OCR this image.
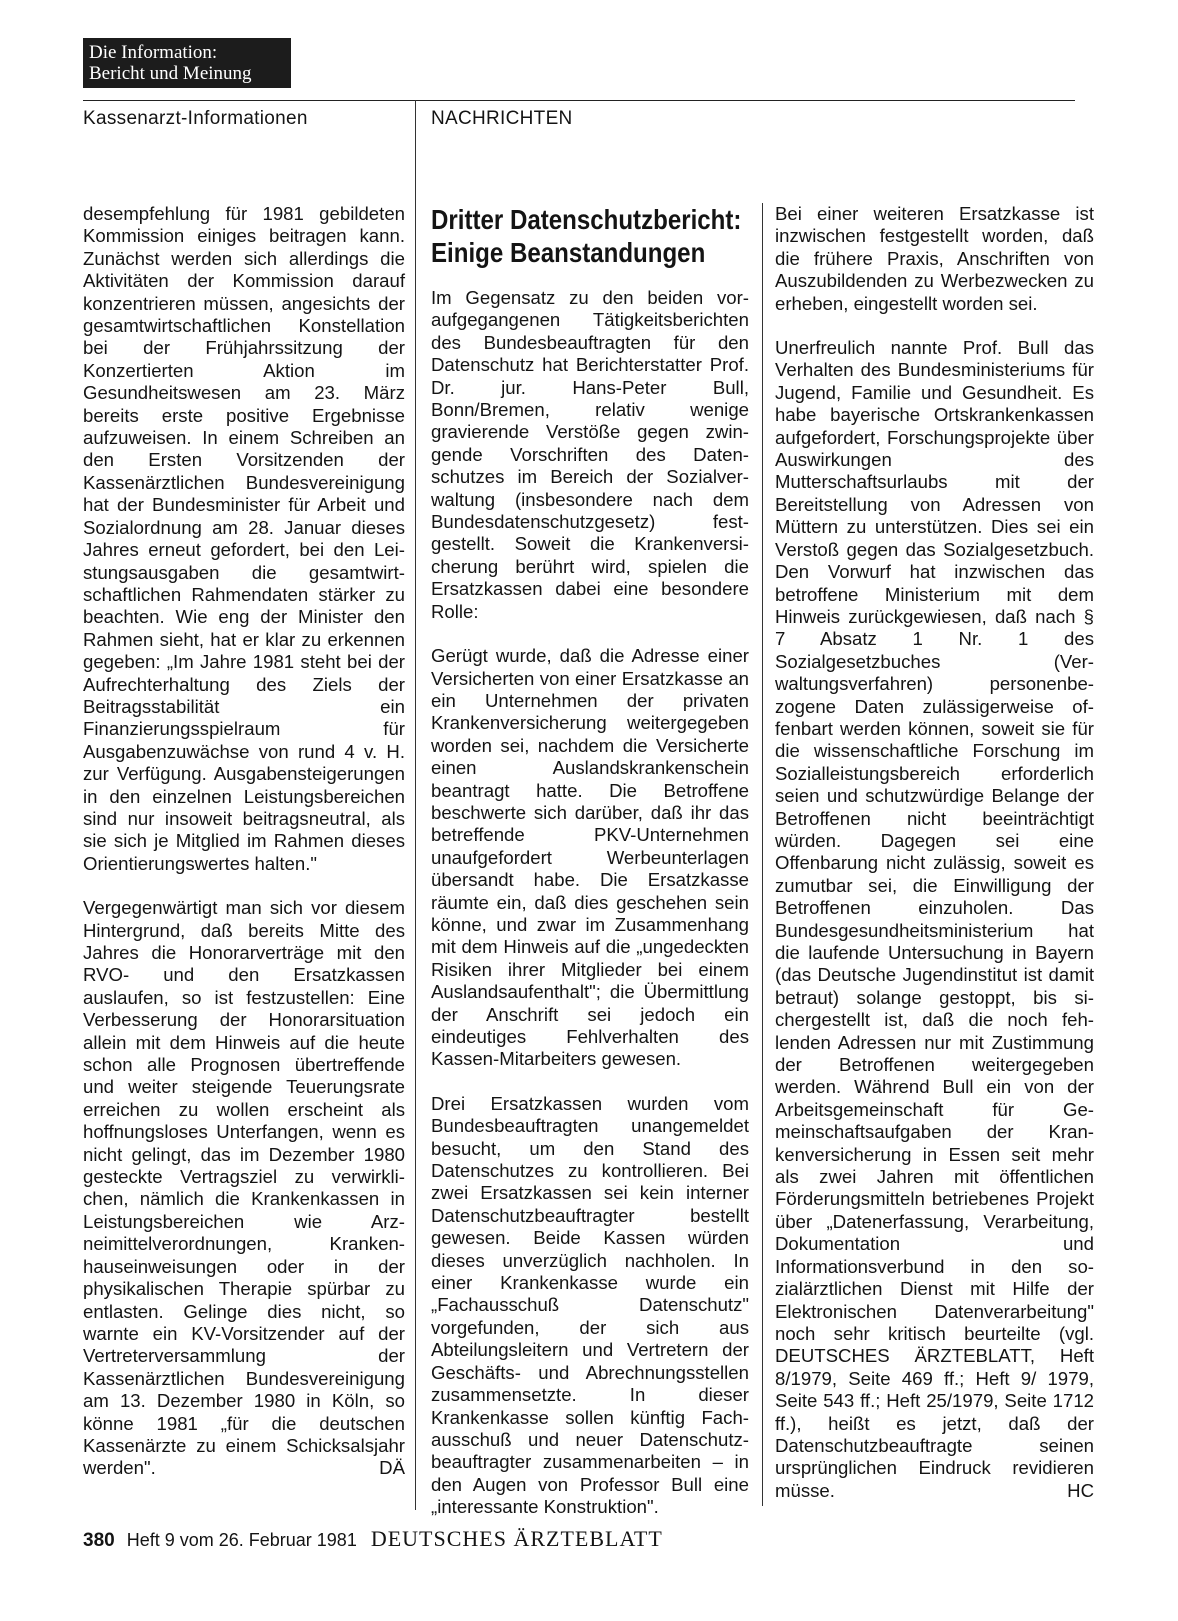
Die Information:
Bericht und Meinung
Kassenarzt-Informationen	NACHRICHTEN

desempfehlung für 1981 gebildeten Kommission einiges beitragen kann. Zunächst werden sich allerdings die Aktivitäten der Kommission darauf konzentrieren müssen, angesichts der gesamtwirtschaftlichen Konstellation bei der Frühjahrssitzung der Konzertierten Aktion im Gesundheitswesen am 23. März bereits erste positive Ergebnisse aufzuweisen. In einem Schreiben an den Ersten Vorsitzenden der Kassenärztlichen Bundesvereinigung hat der Bundesminister für Arbeit und Sozialordnung am 28. Januar dieses Jahres erneut gefordert, bei den Leistungsausgaben die gesamtwirtschaftlichen Rahmendaten stärker zu beachten. Wie eng der Minister den Rahmen sieht, hat er klar zu erkennen gegeben: „Im Jahre 1981 steht bei der Aufrechterhaltung des Ziels der Beitragsstabilität ein Finanzierungsspielraum für Ausgabenzuwächse von rund 4 v. H. zur Verfügung. Ausgabensteigerungen in den einzelnen Leistungsbereichen sind nur insoweit beitragsneutral, als sie sich je Mitglied im Rahmen dieses Orientierungswertes halten."

Vergegenwärtigt man sich vor diesem Hintergrund, daß bereits Mitte des Jahres die Honorarverträge mit den RVO- und den Ersatzkassen auslaufen, so ist festzustellen: Eine Verbesserung der Honorarsituation allein mit dem Hinweis auf die heute schon alle Prognosen übertreffende und weiter steigende Teuerungsrate erreichen zu wollen erscheint als hoffnungsloses Unterfangen, wenn es nicht gelingt, das im Dezember 1980 gesteckte Vertragsziel zu verwirklichen, nämlich die Krankenkassen in Leistungsbereichen wie Arzneimittelverordnungen, Krankenhauseinweisungen oder in der physikalischen Therapie spürbar zu entlasten. Gelinge dies nicht, so warnte ein KV-Vorsitzender auf der Vertreterversammlung der Kassenärztlichen Bundesvereinigung am 13. Dezember 1980 in Köln, so könne 1981 „für die deutschen Kassenärzte zu einem Schicksalsjahr werden".	DÄ

Dritter Datenschutzbericht:
Einige Beanstandungen

Im Gegensatz zu den beiden voraufgegangenen Tätigkeitsberichten des Bundesbeauftragten für den Datenschutz hat Berichterstatter Prof. Dr. jur. Hans-Peter Bull, Bonn/Bremen, relativ wenige gravierende Verstöße gegen zwingende Vorschriften des Datenschutzes im Bereich der Sozialverwaltung (insbesondere nach dem Bundesdatenschutzgesetz) festgestellt. Soweit die Krankenversicherung berührt wird, spielen die Ersatzkassen dabei eine besondere Rolle:

Gerügt wurde, daß die Adresse einer Versicherten von einer Ersatzkasse an ein Unternehmen der privaten Krankenversicherung weitergegeben worden sei, nachdem die Versicherte einen Auslandskrankenschein beantragt hatte. Die Betroffene beschwerte sich darüber, daß ihr das betreffende PKV-Unternehmen unaufgefordert Werbeunterlagen übersandt habe. Die Ersatzkasse räumte ein, daß dies geschehen sein könne, und zwar im Zusammenhang mit dem Hinweis auf die „ungedeckten Risiken ihrer Mitglieder bei einem Auslandsaufenthalt"; die Übermittlung der Anschrift sei jedoch ein eindeutiges Fehlverhalten des Kassen-Mitarbeiters gewesen.

Drei Ersatzkassen wurden vom Bundesbeauftragten unangemeldet besucht, um den Stand des Datenschutzes zu kontrollieren. Bei zwei Ersatzkassen sei kein interner Datenschutzbeauftragter bestellt gewesen. Beide Kassen würden dieses unverzüglich nachholen. In einer Krankenkasse wurde ein „Fachausschuß Datenschutz" vorgefunden, der sich aus Abteilungsleitern und Vertretern der Geschäfts- und Abrechnungsstellen zusammensetzte. In dieser Krankenkasse sollen künftig Fachausschuß und neuer Datenschutzbeauftragter zusammenarbeiten – in den Augen von Professor Bull eine „interessante Konstruktion".

Bei einer weiteren Ersatzkasse ist inzwischen festgestellt worden, daß die frühere Praxis, Anschriften von Auszubildenden zu Werbezwecken zu erheben, eingestellt worden sei.

Unerfreulich nannte Prof. Bull das Verhalten des Bundesministeriums für Jugend, Familie und Gesundheit. Es habe bayerische Ortskrankenkassen aufgefordert, Forschungsprojekte über Auswirkungen des Mutterschaftsurlaubs mit der Bereitstellung von Adressen von Müttern zu unterstützen. Dies sei ein Verstoß gegen das Sozialgesetzbuch. Den Vorwurf hat inzwischen das betroffene Ministerium mit dem Hinweis zurückgewiesen, daß nach § 7 Absatz 1 Nr. 1 des Sozialgesetzbuches (Verwaltungsverfahren) personenbezogene Daten zulässigerweise offenbart werden können, soweit sie für die wissenschaftliche Forschung im Sozialleistungsbereich erforderlich seien und schutzwürdige Belange der Betroffenen nicht beeinträchtigt würden. Dagegen sei eine Offenbarung nicht zulässig, soweit es zumutbar sei, die Einwilligung der Betroffenen einzuholen. Das Bundesgesundheitsministerium hat die laufende Untersuchung in Bayern (das Deutsche Jugendinstitut ist damit betraut) solange gestoppt, bis sichergestellt ist, daß die noch fehlenden Adressen nur mit Zustimmung der Betroffenen weitergegeben werden. Während Bull ein von der Arbeitsgemeinschaft für Gemeinschaftsaufgaben der Krankenversicherung in Essen seit mehr als zwei Jahren mit öffentlichen Förderungsmitteln betriebenes Projekt über „Datenerfassung, Verarbeitung, Dokumentation und Informationsverbund in den sozialärztlichen Dienst mit Hilfe der Elektronischen Datenverarbeitung" noch sehr kritisch beurteilte (vgl. DEUTSCHES ÄRZTEBLATT, Heft 8/1979, Seite 469 ff.; Heft 9/ 1979, Seite 543 ff.; Heft 25/1979, Seite 1712 ff.), heißt es jetzt, daß der Datenschutzbeauftragte seinen ursprünglichen Eindruck revidieren müsse.	HC

380 Heft 9 vom 26. Februar 1981 DEUTSCHES ÄRZTEBLATT
